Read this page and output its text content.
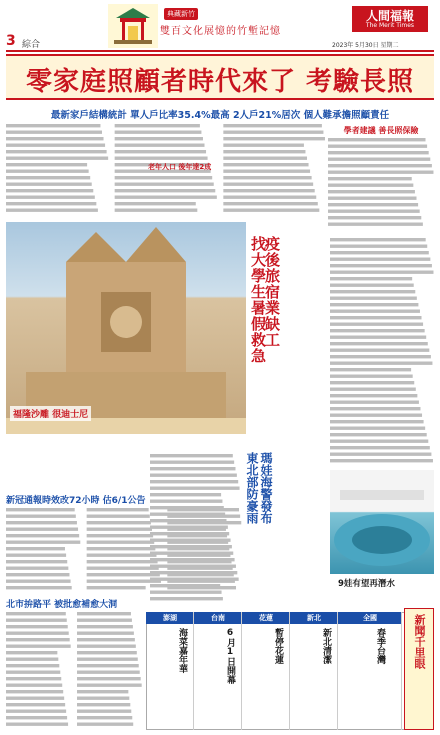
3 綜合
典藏新竹
雙百文化展憶的竹塹記憶
人間福報
The Merit Times
2023年 5月30日 星期二
零家庭照顧者時代來了 考驗長照
最新家戶結構統計 單人戶比率35.4%最高 2人戶21%居次 個人難承擔照顧責任
老年人口 後年達2成
學者建議 善長照保險
福隆沙雕 很迪士尼
疫後旅宿業缺工
找大學生暑假救急
新冠通報時效改72小時 估6/1公告
北市拚路平 被批愈補愈大洞
瑪娃海警發布
東北部防豪雨
9娃有望再潛水
澎湖	台南	花蓮	新北	全國
海菜嘉年華	6月1日開幕	暫停花蓮	新北清潔	春季台灣	新聞千里眼
